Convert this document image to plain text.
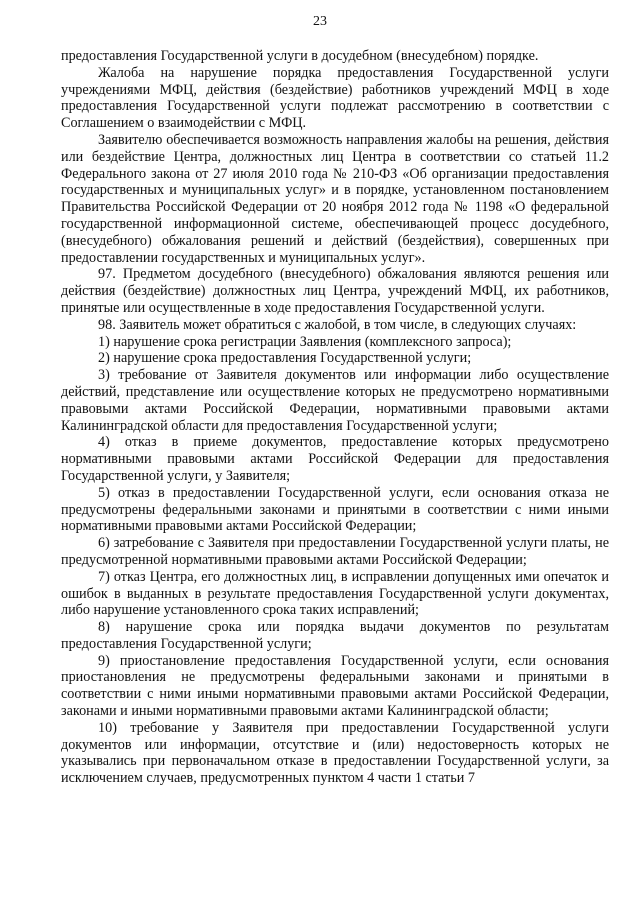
23

предоставления Государственной услуги в досудебном (внесудебном) порядке.

Жалоба на нарушение порядка предоставления Государственной услуги учреждениями МФЦ, действия (бездействие) работников учреждений МФЦ в ходе предоставления Государственной услуги подлежат рассмотрению в соответствии с Соглашением о взаимодействии с МФЦ.

Заявителю обеспечивается возможность направления жалобы на решения, действия или бездействие Центра, должностных лиц Центра в соответствии со статьей 11.2 Федерального закона от 27 июля 2010 года № 210-ФЗ «Об организации предоставления государственных и муниципальных услуг» и в порядке, установленном постановлением Правительства Российской Федерации от 20 ноября 2012 года № 1198 «О федеральной государственной информационной системе, обеспечивающей процесс досудебного, (внесудебного) обжалования решений и действий (бездействия), совершенных при предоставлении государственных и муниципальных услуг».

97. Предметом досудебного (внесудебного) обжалования являются решения или действия (бездействие) должностных лиц Центра, учреждений МФЦ, их работников, принятые или осуществленные в ходе предоставления Государственной услуги.

98. Заявитель может обратиться с жалобой, в том числе, в следующих случаях:

1) нарушение срока регистрации Заявления (комплексного запроса);

2) нарушение срока предоставления Государственной услуги;

3) требование от Заявителя документов или информации либо осуществление действий, представление или осуществление которых не предусмотрено нормативными правовыми актами Российской Федерации, нормативными правовыми актами Калининградской области для предоставления Государственной услуги;

4) отказ в приеме документов, предоставление которых предусмотрено нормативными правовыми актами Российской Федерации для предоставления Государственной услуги, у Заявителя;

5) отказ в предоставлении Государственной услуги, если основания отказа не предусмотрены федеральными законами и принятыми в соответствии с ними иными нормативными правовыми актами Российской Федерации;

6) затребование с Заявителя при предоставлении Государственной услуги платы, не предусмотренной нормативными правовыми актами Российской Федерации;

7) отказ Центра, его должностных лиц, в исправлении допущенных ими опечаток и ошибок в выданных в результате предоставления Государственной услуги документах, либо нарушение установленного срока таких исправлений;

8) нарушение срока или порядка выдачи документов по результатам предоставления Государственной услуги;

9) приостановление предоставления Государственной услуги, если основания приостановления не предусмотрены федеральными законами и принятыми в соответствии с ними иными нормативными правовыми актами Российской Федерации, законами и иными нормативными правовыми актами Калининградской области;

10) требование у Заявителя при предоставлении Государственной услуги документов или информации, отсутствие и (или) недостоверность которых не указывались при первоначальном отказе в предоставлении Государственной услуги, за исключением случаев, предусмотренных пунктом 4 части 1 статьи 7
